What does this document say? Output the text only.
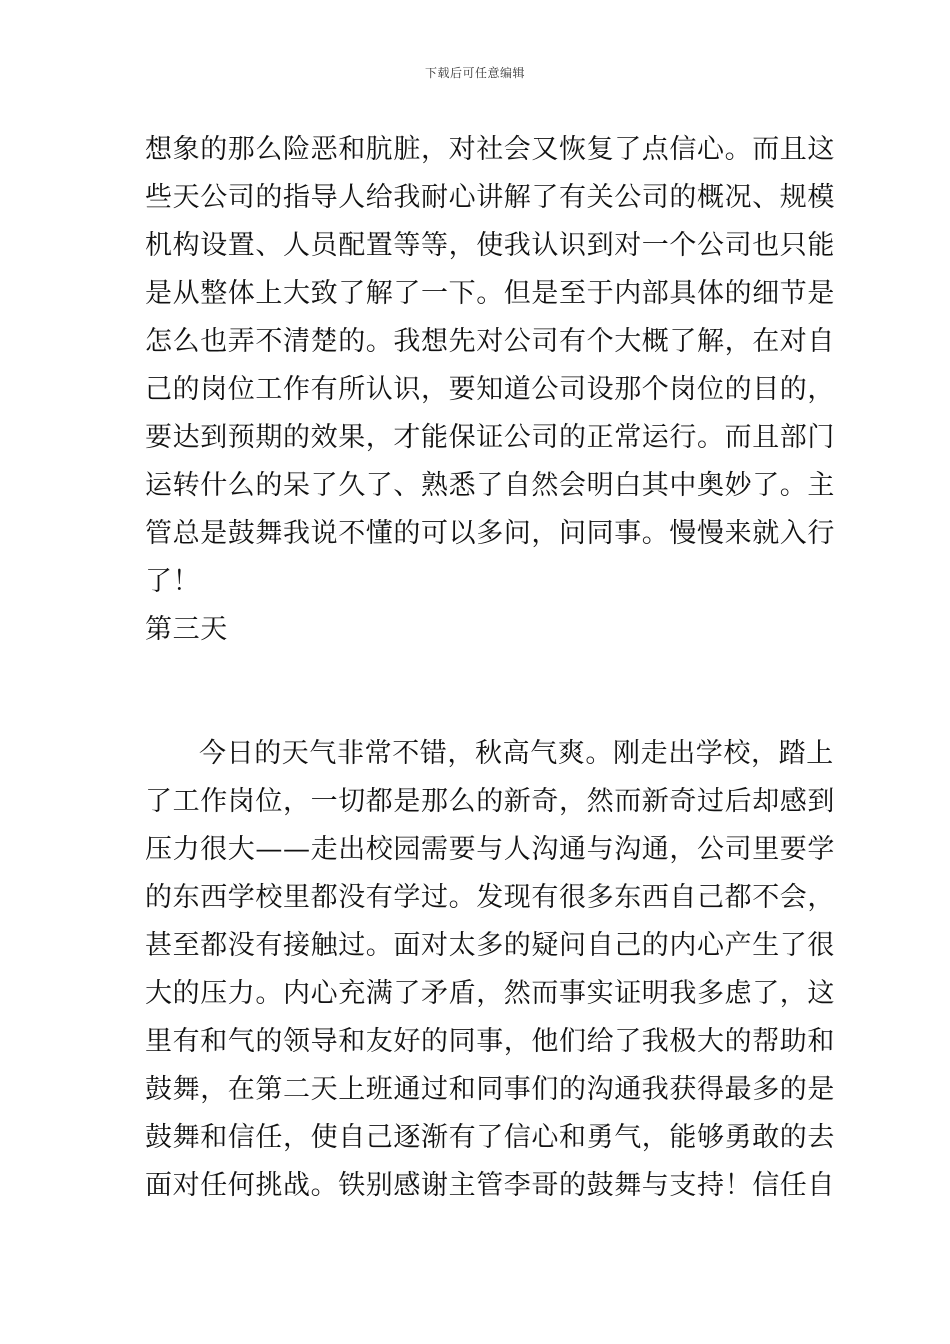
下载后可任意编辑
想象的那么险恶和肮脏，对社会又恢复了点信心。而且这
些天公司的指导人给我耐心讲解了有关公司的概况、规模
机构设置、人员配置等等，使我认识到对一个公司也只能
是从整体上大致了解了一下。但是至于内部具体的细节是
怎么也弄不清楚的。我想先对公司有个大概了解，在对自
己的岗位工作有所认识，要知道公司设那个岗位的目的，
要达到预期的效果，才能保证公司的正常运行。而且部门
运转什么的呆了久了、熟悉了自然会明白其中奥妙了。主
管总是鼓舞我说不懂的可以多问，问同事。慢慢来就入行
了！
第三天
今日的天气非常不错，秋高气爽。刚走出学校，踏上
了工作岗位，一切都是那么的新奇，然而新奇过后却感到
压力很大——走出校园需要与人沟通与沟通，公司里要学
的东西学校里都没有学过。发现有很多东西自己都不会，
甚至都没有接触过。面对太多的疑问自己的内心产生了很
大的压力。内心充满了矛盾，然而事实证明我多虑了，这
里有和气的领导和友好的同事，他们给了我极大的帮助和
鼓舞，在第二天上班通过和同事们的沟通我获得最多的是
鼓舞和信任，使自己逐渐有了信心和勇气，能够勇敢的去
面对任何挑战。铁别感谢主管李哥的鼓舞与支持！信任自
